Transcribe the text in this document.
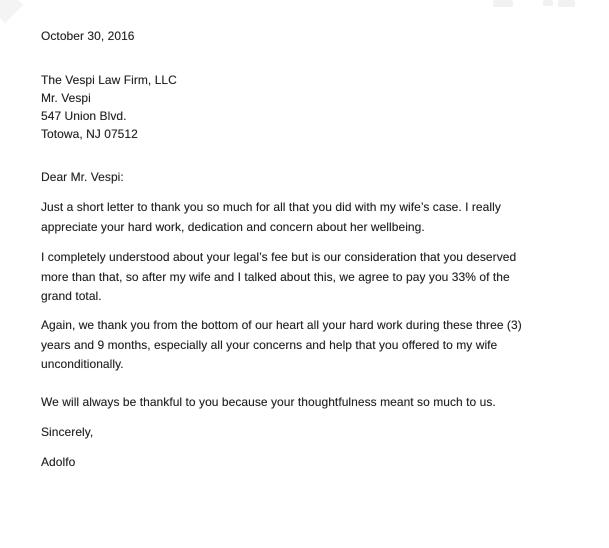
October 30, 2016
The Vespi Law Firm, LLC
Mr. Vespi
547 Union Blvd.
Totowa, NJ 07512
Dear Mr. Vespi:
Just a short letter to thank you so much for all that you did with my wife’s case. I really
appreciate your hard work, dedication and concern about her wellbeing.
I completely understood about your legal’s fee but is our consideration that you deserved
more than that, so after my wife and I talked about this, we agree to pay you 33% of the
grand total.
Again, we thank you from the bottom of our heart all your hard work during these three (3)
years and 9 months, especially all your concerns and help that you offered to my wife
unconditionally.
We will always be thankful to you because your thoughtfulness meant so much to us.
Sincerely,
Adolfo
